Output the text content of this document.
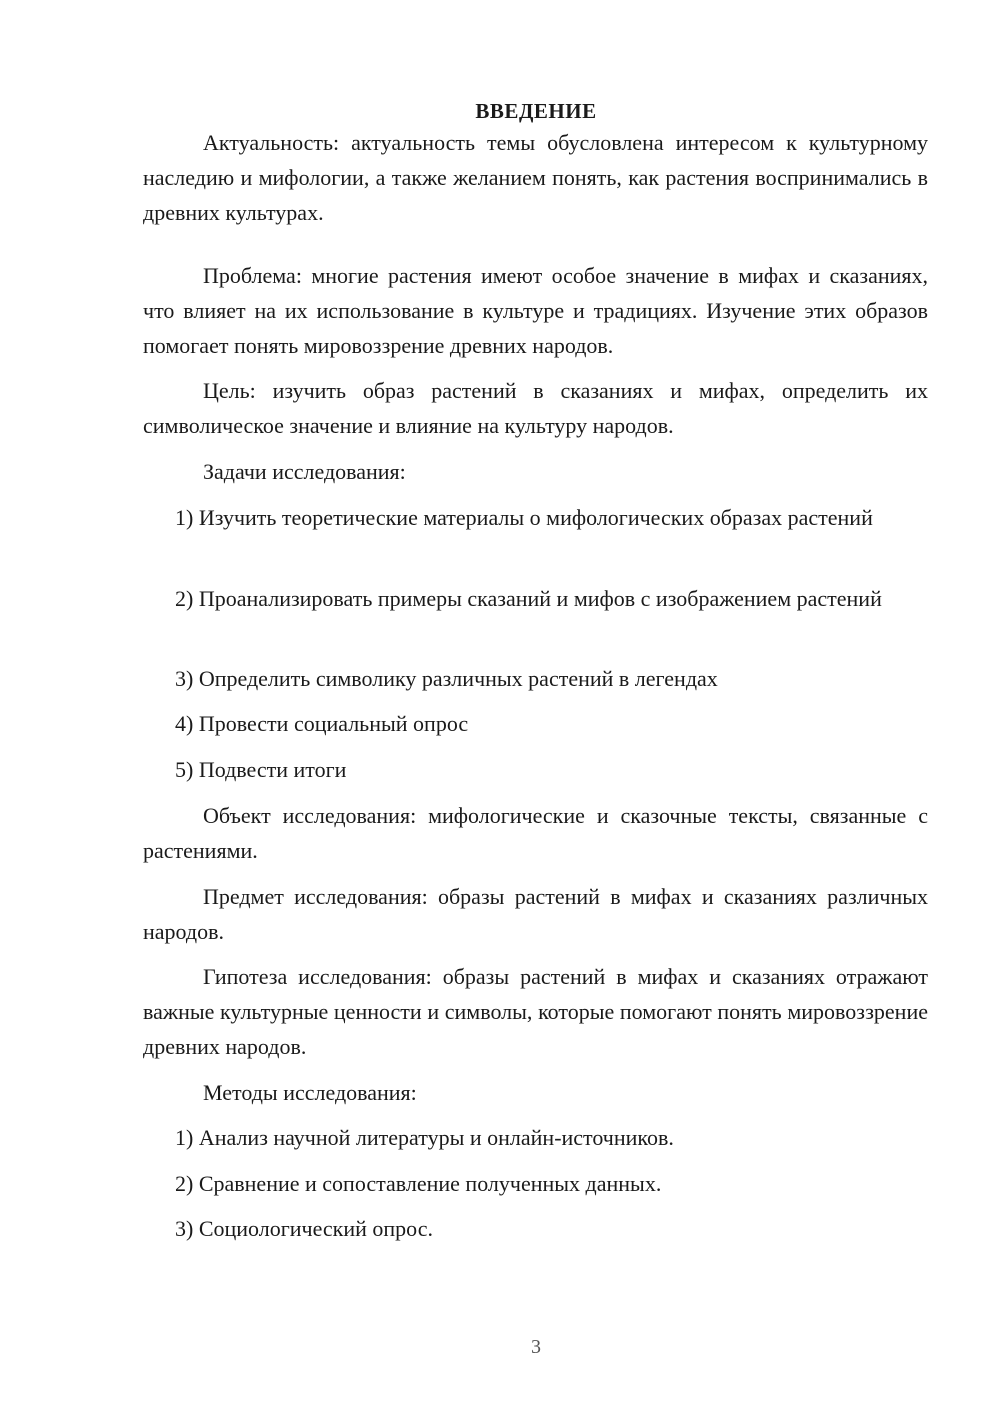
ВВЕДЕНИЕ

Актуальность: актуальность темы обусловлена интересом к культурному наследию и мифологии, а также желанием понять, как растения воспринимались в древних культурах.

Проблема: многие растения имеют особое значение в мифах и сказаниях, что влияет на их использование в культуре и традициях. Изучение этих образов помогает понять мировоззрение древних народов.

Цель: изучить образ растений в сказаниях и мифах, определить их символическое значение и влияние на культуру народов.

Задачи исследования:

1) Изучить теоретические материалы о мифологических образах растений

2) Проанализировать примеры сказаний и мифов с изображением растений

3) Определить символику различных растений в легендах

4) Провести социальный опрос

5) Подвести итоги

Объект исследования: мифологические и сказочные тексты, связанные с растениями.

Предмет исследования: образы растений в мифах и сказаниях различных народов.

Гипотеза исследования: образы растений в мифах и сказаниях отражают важные культурные ценности и символы, которые помогают понять мировоззрение древних народов.

Методы исследования:

1) Анализ научной литературы и онлайн-источников.

2) Сравнение и сопоставление полученных данных.

3) Социологический опрос.

3
